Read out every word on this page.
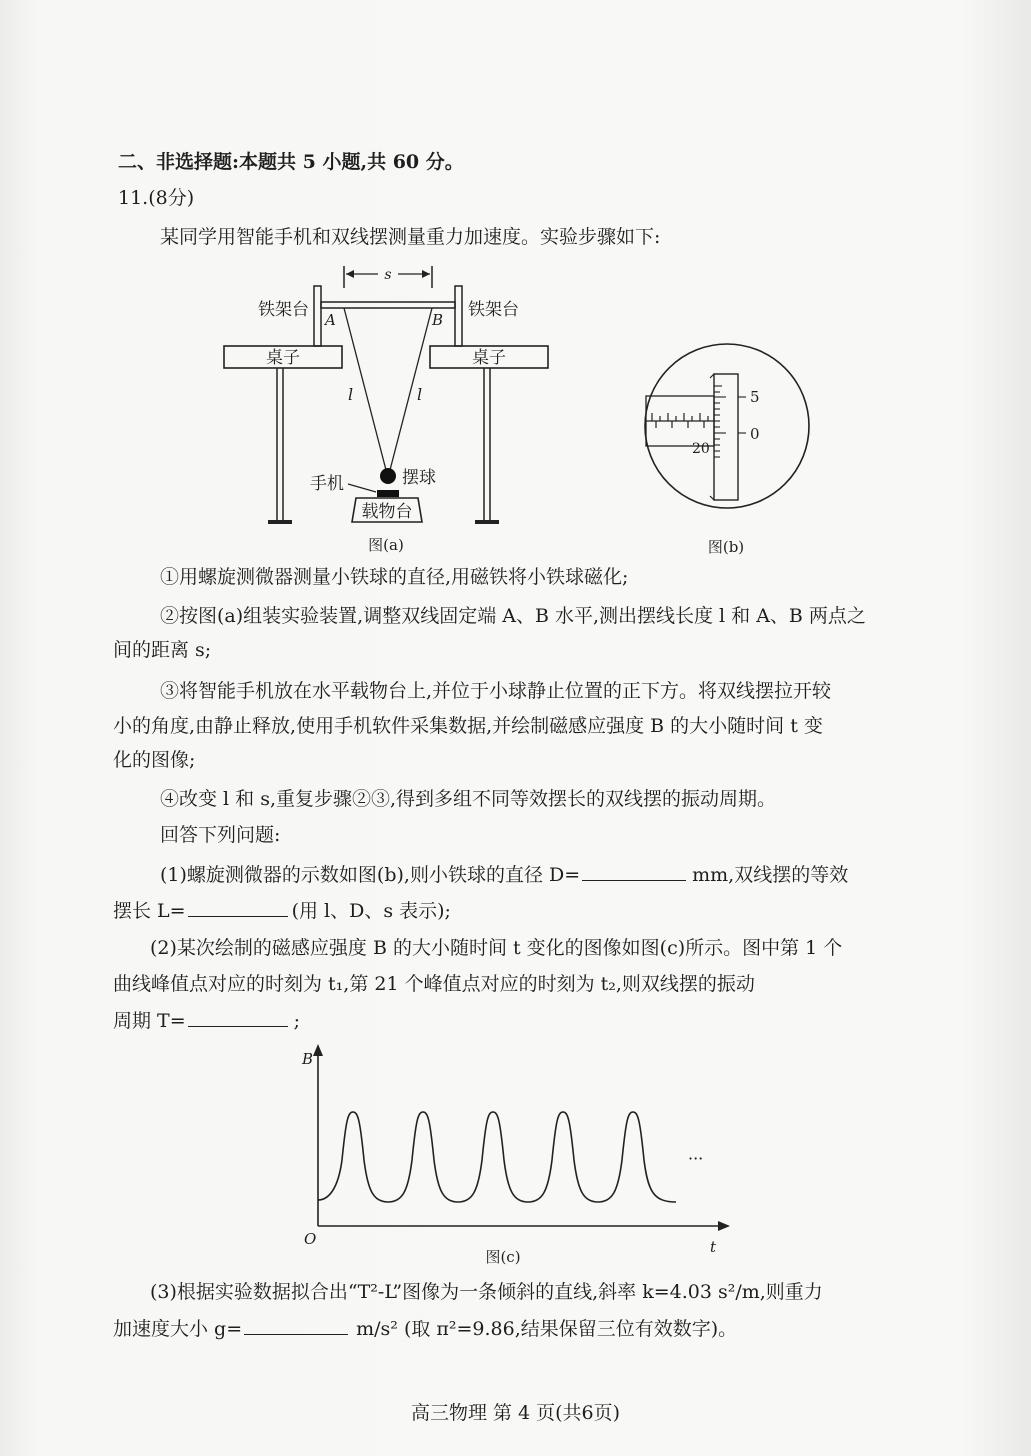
二、非选择题:本题共 5 小题,共 60 分。
11.(8分)
某同学用智能手机和双线摆测量重力加速度。实验步骤如下:
s
铁架台	铁架台
A	B
桌子	桌子
l	l
摆球
手机
载物台
图(a)
5
0
20
图(b)
①用螺旋测微器测量小铁球的直径,用磁铁将小铁球磁化;
②按图(a)组装实验装置,调整双线固定端 A、B 水平,测出摆线长度 l 和 A、B 两点之
间的距离 s;
③将智能手机放在水平载物台上,并位于小球静止位置的正下方。将双线摆拉开较
小的角度,由静止释放,使用手机软件采集数据,并绘制磁感应强度 B 的大小随时间 t 变
化的图像;
④改变 l 和 s,重复步骤②③,得到多组不同等效摆长的双线摆的振动周期。
回答下列问题:
(1)螺旋测微器的示数如图(b),则小铁球的直径 D=	mm,双线摆的等效
摆长 L=	(用 l、D、s 表示);
(2)某次绘制的磁感应强度 B 的大小随时间 t 变化的图像如图(c)所示。图中第 1 个
曲线峰值点对应的时刻为 t₁,第 21 个峰值点对应的时刻为 t₂,则双线摆的振动
周期 T=	;
B
t
O
···
图(c)
(3)根据实验数据拟合出“T²-L”图像为一条倾斜的直线,斜率 k=4.03 s²/m,则重力
加速度大小 g=	m/s² (取 π²=9.86,结果保留三位有效数字)。
高三物理 第 4 页(共6页)
